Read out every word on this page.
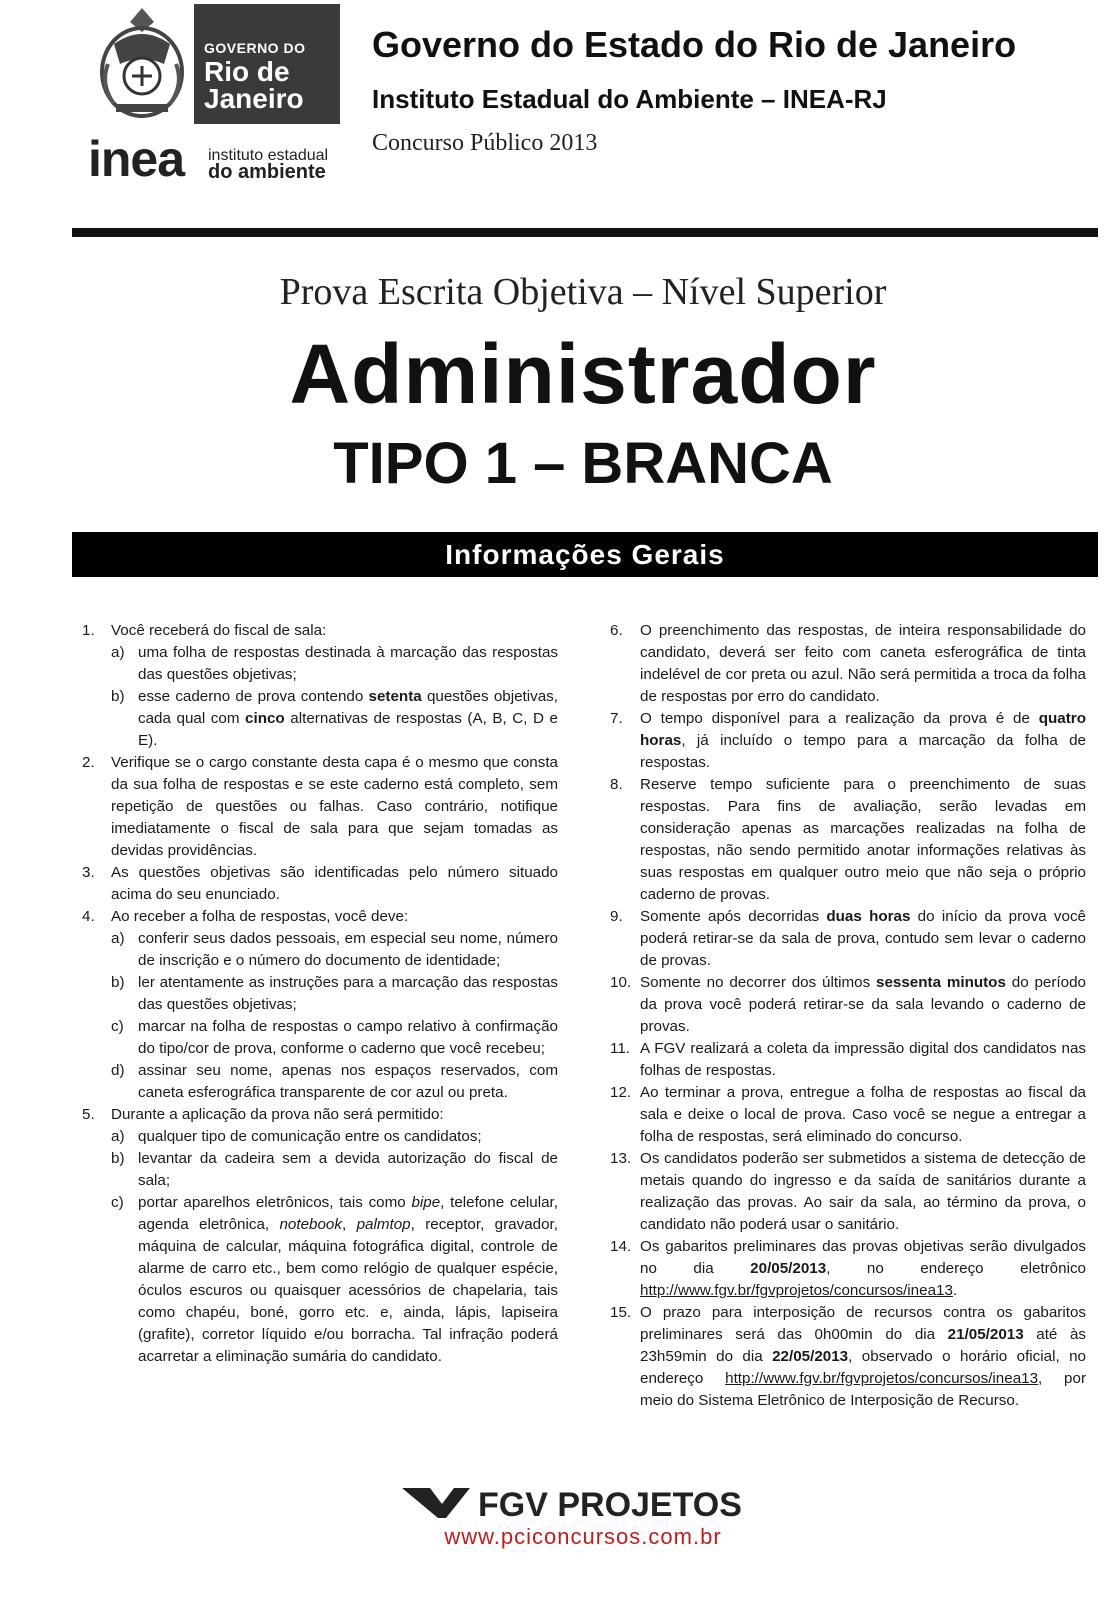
GOVERNO DO
Rio de
Janeiro
inea instituto estadual
do ambiente
Governo do Estado do Rio de Janeiro
Instituto Estadual do Ambiente – INEA-RJ
Concurso Público 2013
Prova Escrita Objetiva – Nível Superior
Administrador
TIPO 1 – BRANCA
Informações Gerais
1. Você receberá do fiscal de sala:
a) uma folha de respostas destinada à marcação das respostas das questões objetivas;
b) esse caderno de prova contendo setenta questões objetivas, cada qual com cinco alternativas de respostas (A, B, C, D e E).
2. Verifique se o cargo constante desta capa é o mesmo que consta da sua folha de respostas e se este caderno está completo, sem repetição de questões ou falhas. Caso contrário, notifique imediatamente o fiscal de sala para que sejam tomadas as devidas providências.
3. As questões objetivas são identificadas pelo número situado acima do seu enunciado.
4. Ao receber a folha de respostas, você deve:
a) conferir seus dados pessoais, em especial seu nome, número de inscrição e o número do documento de identidade;
b) ler atentamente as instruções para a marcação das respostas das questões objetivas;
c) marcar na folha de respostas o campo relativo à confirmação do tipo/cor de prova, conforme o caderno que você recebeu;
d) assinar seu nome, apenas nos espaços reservados, com caneta esferográfica transparente de cor azul ou preta.
5. Durante a aplicação da prova não será permitido:
a) qualquer tipo de comunicação entre os candidatos;
b) levantar da cadeira sem a devida autorização do fiscal de sala;
c) portar aparelhos eletrônicos, tais como bipe, telefone celular, agenda eletrônica, notebook, palmtop, receptor, gravador, máquina de calcular, máquina fotográfica digital, controle de alarme de carro etc., bem como relógio de qualquer espécie, óculos escuros ou quaisquer acessórios de chapelaria, tais como chapéu, boné, gorro etc. e, ainda, lápis, lapiseira (grafite), corretor líquido e/ou borracha. Tal infração poderá acarretar a eliminação sumária do candidato.
6. O preenchimento das respostas, de inteira responsabilidade do candidato, deverá ser feito com caneta esferográfica de tinta indelével de cor preta ou azul. Não será permitida a troca da folha de respostas por erro do candidato.
7. O tempo disponível para a realização da prova é de quatro horas, já incluído o tempo para a marcação da folha de respostas.
8. Reserve tempo suficiente para o preenchimento de suas respostas. Para fins de avaliação, serão levadas em consideração apenas as marcações realizadas na folha de respostas, não sendo permitido anotar informações relativas às suas respostas em qualquer outro meio que não seja o próprio caderno de provas.
9. Somente após decorridas duas horas do início da prova você poderá retirar-se da sala de prova, contudo sem levar o caderno de provas.
10. Somente no decorrer dos últimos sessenta minutos do período da prova você poderá retirar-se da sala levando o caderno de provas.
11. A FGV realizará a coleta da impressão digital dos candidatos nas folhas de respostas.
12. Ao terminar a prova, entregue a folha de respostas ao fiscal da sala e deixe o local de prova. Caso você se negue a entregar a folha de respostas, será eliminado do concurso.
13. Os candidatos poderão ser submetidos a sistema de detecção de metais quando do ingresso e da saída de sanitários durante a realização das provas. Ao sair da sala, ao término da prova, o candidato não poderá usar o sanitário.
14. Os gabaritos preliminares das provas objetivas serão divulgados no dia 20/05/2013, no endereço eletrônico http://www.fgv.br/fgvprojetos/concursos/inea13.
15. O prazo para interposição de recursos contra os gabaritos preliminares será das 0h00min do dia 21/05/2013 até às 23h59min do dia 22/05/2013, observado o horário oficial, no endereço http://www.fgv.br/fgvprojetos/concursos/inea13, por meio do Sistema Eletrônico de Interposição de Recurso.
FGV PROJETOS
www.pciconcursos.com.br
